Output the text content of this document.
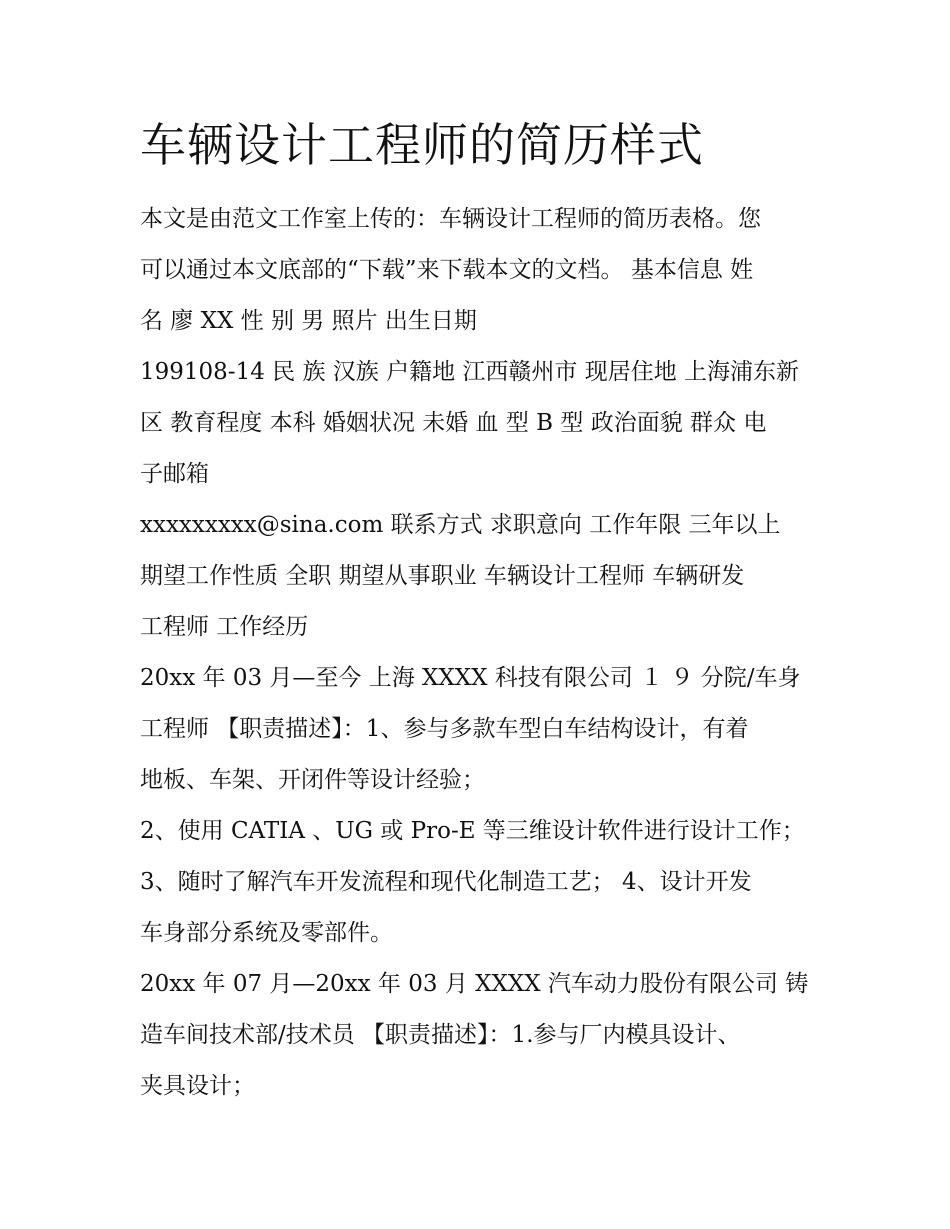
车辆设计工程师的简历样式

本文是由范文工作室上传的：车辆设计工程师的简历表格。您
可以通过本文底部的“下载”来下载本文的文档。 基本信息 姓
名 廖 XX 性 别 男 照片 出生日期

199108-14 民 族 汉族 户籍地 江西赣州市 现居住地 上海浦东新
区 教育程度 本科 婚姻状况 未婚 血 型 B 型 政治面貌 群众 电
子邮箱

xxxxxxxxx@sina.com 联系方式 求职意向 工作年限 三年以上
期望工作性质 全职 期望从事职业 车辆设计工程师 车辆研发
工程师 工作经历

20xx 年 03 月—至今 上海 XXXX 科技有限公司 １ ９ 分院/车身
工程师 【职责描述】：1、参与多款车型白车结构设计，有着
地板、车架、开闭件等设计经验；

2、使用 CATIA 、UG 或 Pro-E 等三维设计软件进行设计工作；
3、随时了解汽车开发流程和现代化制造工艺； 4、设计开发
车身部分系统及零部件。

20xx 年 07 月—20xx 年 03 月 XXXX 汽车动力股份有限公司 铸
造车间技术部/技术员 【职责描述】：1.参与厂内模具设计、
夹具设计；
